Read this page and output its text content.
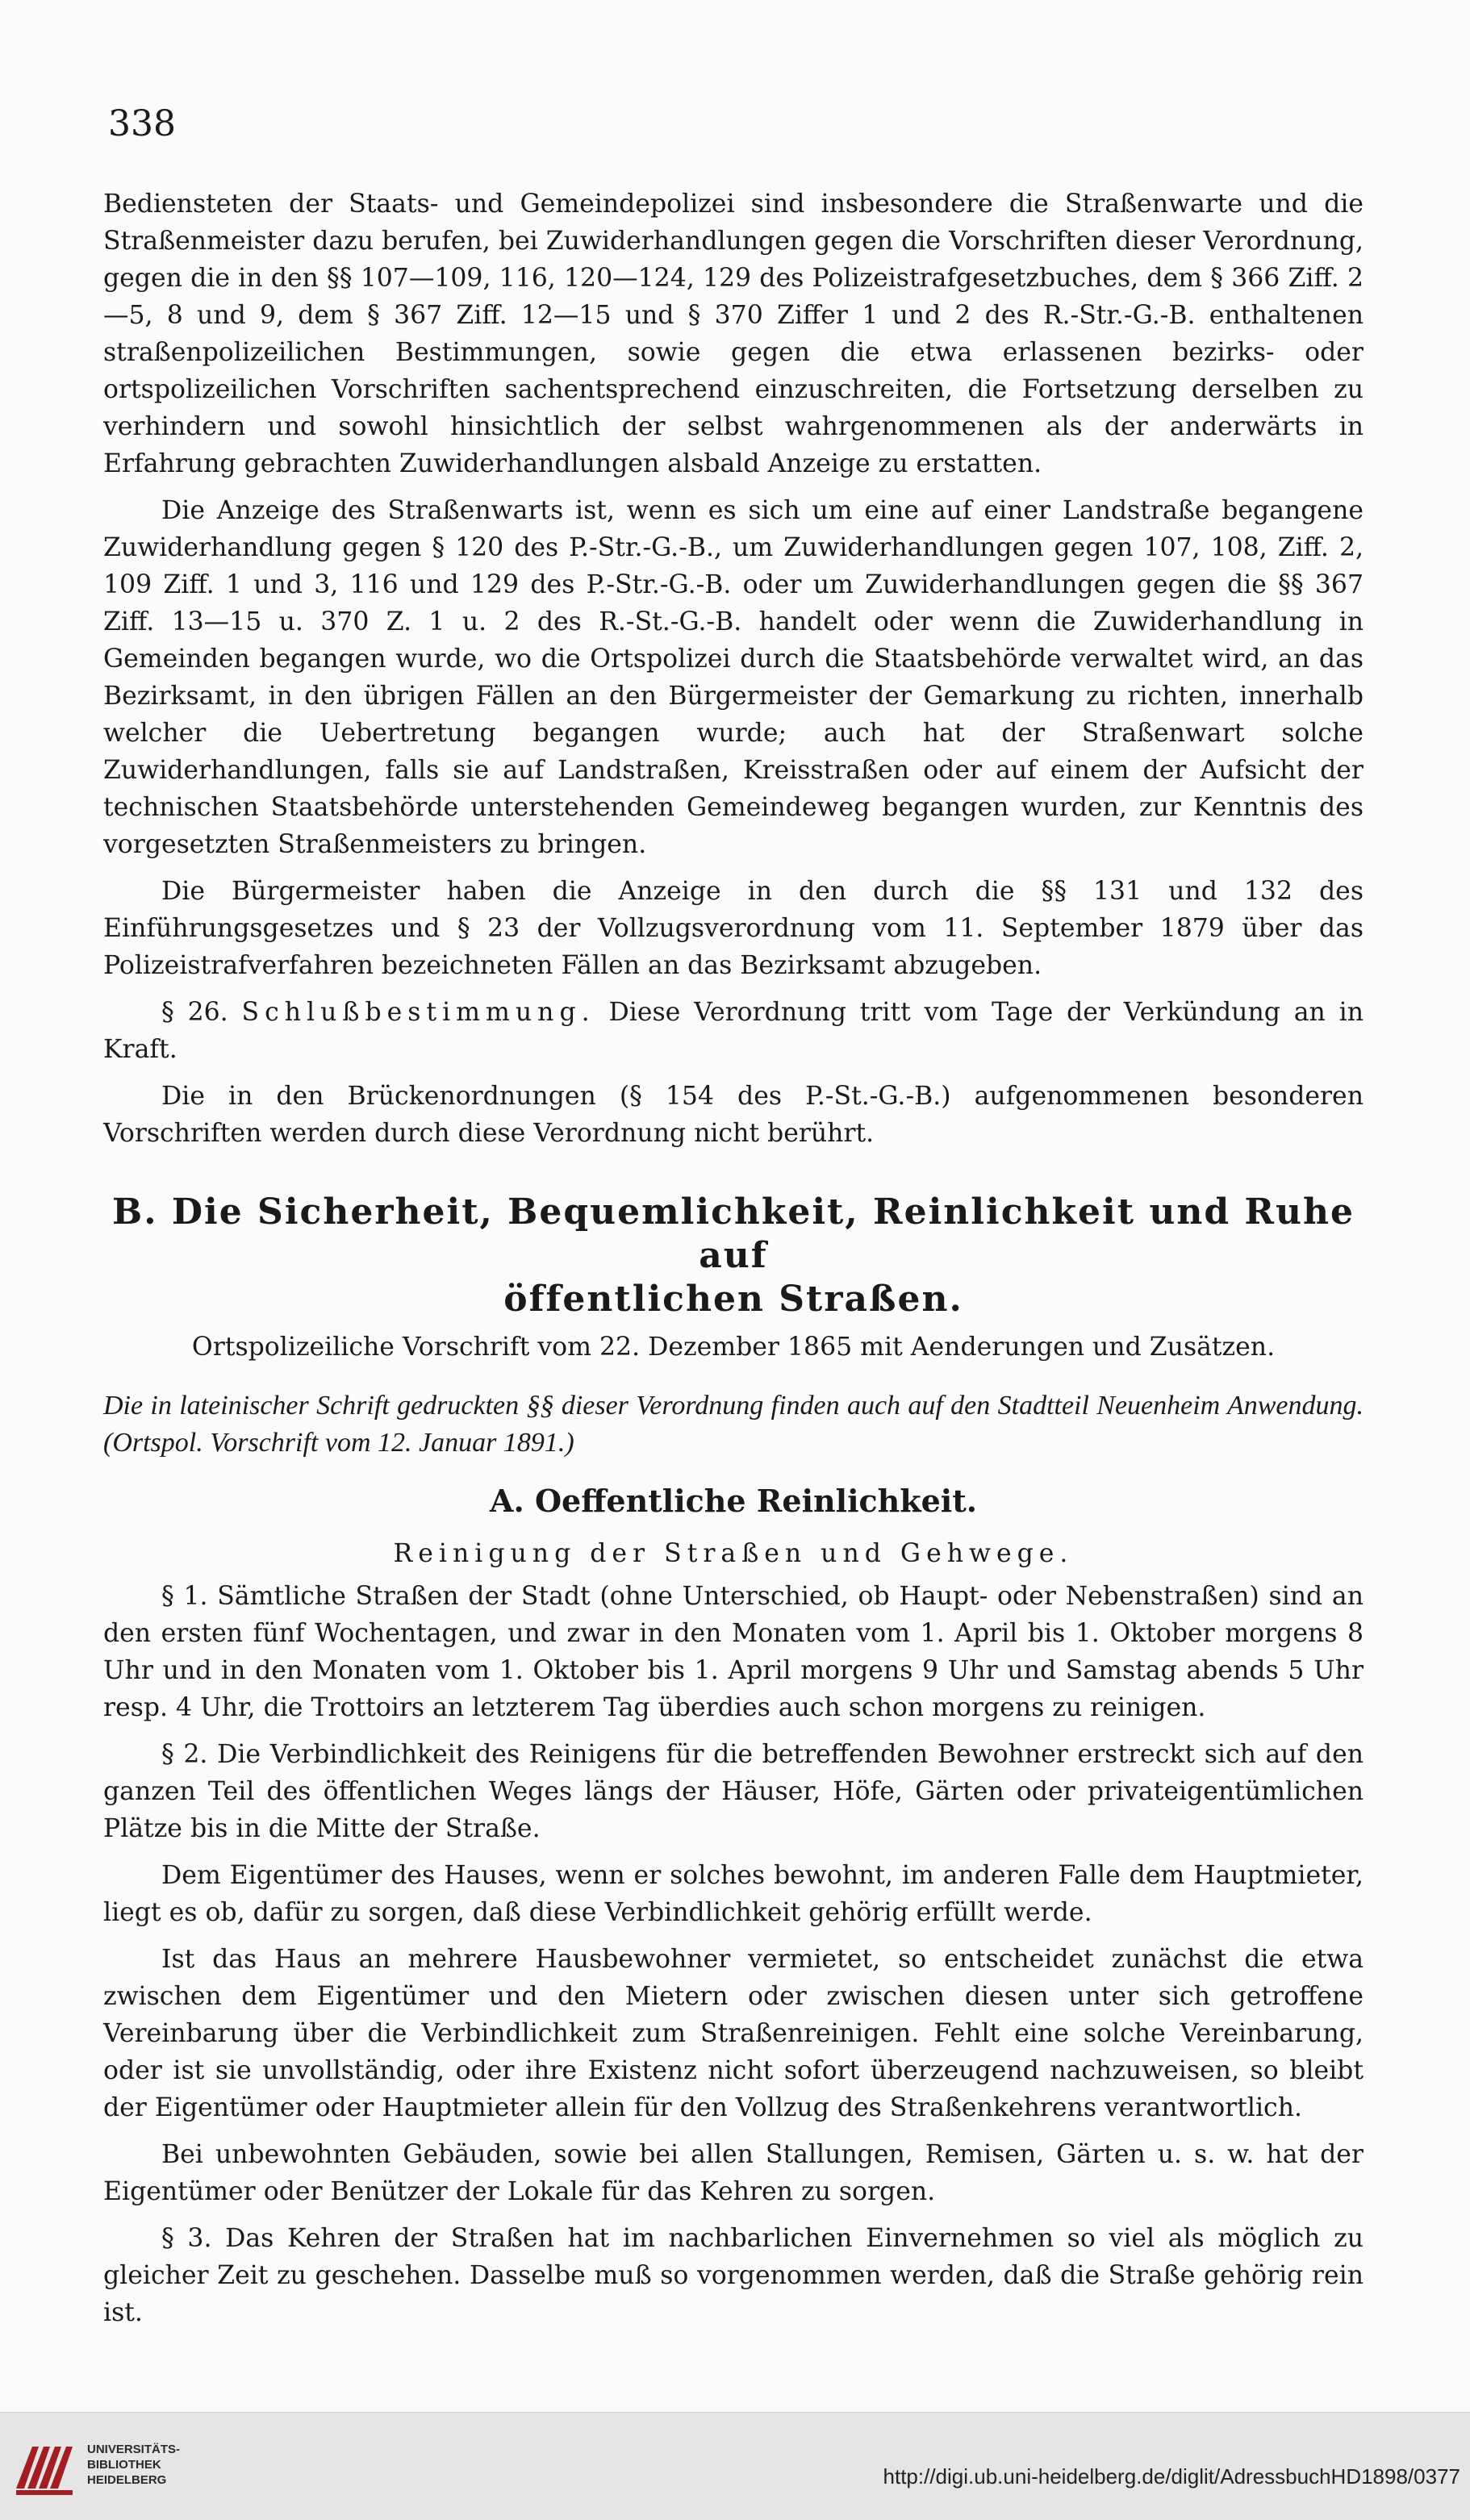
338

Bediensteten der Staats- und Gemeindepolizei sind insbesondere die Straßenwarte und die Straßenmeister dazu berufen, bei Zuwiderhandlungen gegen die Vorschriften dieser Verordnung, gegen die in den §§ 107—109, 116, 120—124, 129 des Polizeistrafgesetzbuches, dem § 366 Ziff. 2—5, 8 und 9, dem § 367 Ziff. 12—15 und § 370 Ziffer 1 und 2 des R.-Str.-G.-B. enthaltenen straßenpolizeilichen Bestimmungen, sowie gegen die etwa erlassenen bezirks- oder ortspolizeilichen Vorschriften sachentsprechend einzuschreiten, die Fortsetzung derselben zu verhindern und sowohl hinsichtlich der selbst wahrgenommenen als der anderwärts in Erfahrung gebrachten Zuwiderhandlungen alsbald Anzeige zu erstatten.

Die Anzeige des Straßenwarts ist, wenn es sich um eine auf einer Landstraße begangene Zuwiderhandlung gegen § 120 des P.-Str.-G.-B., um Zuwiderhandlungen gegen 107, 108, Ziff. 2, 109 Ziff. 1 und 3, 116 und 129 des P.-Str.-G.-B. oder um Zuwiderhandlungen gegen die §§ 367 Ziff. 13—15 u. 370 Z. 1 u. 2 des R.-St.-G.-B. handelt oder wenn die Zuwiderhandlung in Gemeinden begangen wurde, wo die Ortspolizei durch die Staatsbehörde verwaltet wird, an das Bezirksamt, in den übrigen Fällen an den Bürgermeister der Gemarkung zu richten, innerhalb welcher die Uebertretung begangen wurde; auch hat der Straßenwart solche Zuwiderhandlungen, falls sie auf Landstraßen, Kreisstraßen oder auf einem der Aufsicht der technischen Staatsbehörde unterstehenden Gemeindeweg begangen wurden, zur Kenntnis des vorgesetzten Straßenmeisters zu bringen.

Die Bürgermeister haben die Anzeige in den durch die §§ 131 und 132 des Einführungsgesetzes und § 23 der Vollzugsverordnung vom 11. September 1879 über das Polizeistrafverfahren bezeichneten Fällen an das Bezirksamt abzugeben.

§ 26. Schlußbestimmung. Diese Verordnung tritt vom Tage der Verkündung an in Kraft.

Die in den Brückenordnungen (§ 154 des P.-St.-G.-B.) aufgenommenen besonderen Vorschriften werden durch diese Verordnung nicht berührt.

B. Die Sicherheit, Bequemlichkeit, Reinlichkeit und Ruhe auf
öffentlichen Straßen.
Ortspolizeiliche Vorschrift vom 22. Dezember 1865 mit Aenderungen und Zusätzen.
Die in lateinischer Schrift gedruckten §§ dieser Verordnung finden auch auf den Stadtteil Neuenheim Anwendung. (Ortspol. Vorschrift vom 12. Januar 1891.)
A. Oeffentliche Reinlichkeit.
Reinigung der Straßen und Gehwege.

§ 1. Sämtliche Straßen der Stadt (ohne Unterschied, ob Haupt- oder Nebenstraßen) sind an den ersten fünf Wochentagen, und zwar in den Monaten vom 1. April bis 1. Oktober morgens 8 Uhr und in den Monaten vom 1. Oktober bis 1. April morgens 9 Uhr und Samstag abends 5 Uhr resp. 4 Uhr, die Trottoirs an letzterem Tag überdies auch schon morgens zu reinigen.

§ 2. Die Verbindlichkeit des Reinigens für die betreffenden Bewohner erstreckt sich auf den ganzen Teil des öffentlichen Weges längs der Häuser, Höfe, Gärten oder privateigentümlichen Plätze bis in die Mitte der Straße.

Dem Eigentümer des Hauses, wenn er solches bewohnt, im anderen Falle dem Hauptmieter, liegt es ob, dafür zu sorgen, daß diese Verbindlichkeit gehörig erfüllt werde.

Ist das Haus an mehrere Hausbewohner vermietet, so entscheidet zunächst die etwa zwischen dem Eigentümer und den Mietern oder zwischen diesen unter sich getroffene Vereinbarung über die Verbindlichkeit zum Straßenreinigen. Fehlt eine solche Vereinbarung, oder ist sie unvollständig, oder ihre Existenz nicht sofort überzeugend nachzuweisen, so bleibt der Eigentümer oder Hauptmieter allein für den Vollzug des Straßenkehrens verantwortlich.

Bei unbewohnten Gebäuden, sowie bei allen Stallungen, Remisen, Gärten u. s. w. hat der Eigentümer oder Benützer der Lokale für das Kehren zu sorgen.

§ 3. Das Kehren der Straßen hat im nachbarlichen Einvernehmen so viel als möglich zu gleicher Zeit zu geschehen. Dasselbe muß so vorgenommen werden, daß die Straße gehörig rein ist.

UNIVERSITÄTS-
BIBLIOTHEK
HEIDELBERG	http://digi.ub.uni-heidelberg.de/diglit/AdressbuchHD1898/0377
